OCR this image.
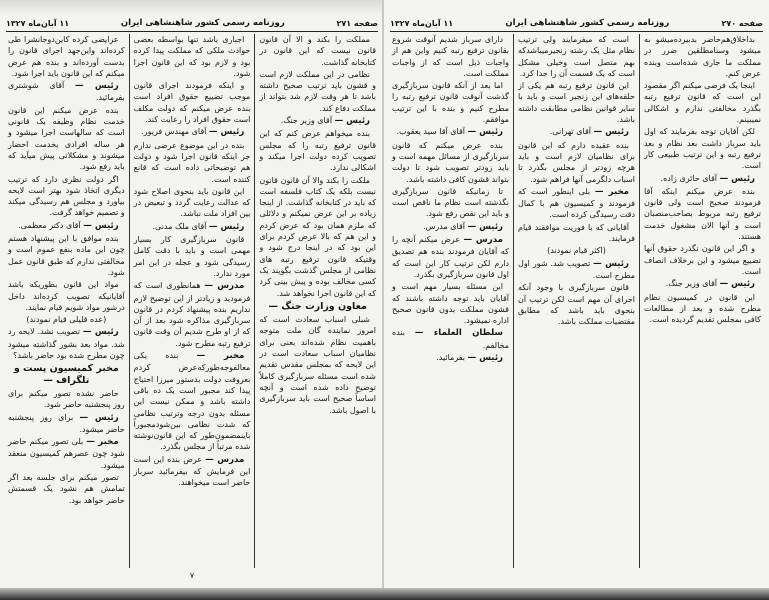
صفحه ۲۷۱
روزنامه رسمی کشور شاهنشاهی ایران
۱۱ آبان‌ماه ۱۳۲۷

عرایضی کرده کاین‌دوجانشرا طی کرده‌اند واین‌جهد اجرای قانون را بدست آورده‌اند و بنده هم عرض میکنم که این قانون باید اجرا شود.

رئیس — آقای شوشتری بفرمائید.

بنده عرض میکنم این قانون خدمت نظام وظیفه یک قانونی است که سالهاست اجرا میشود و هر ساله افرادی بخدمت احضار میشوند و مشکلاتی پیش میآید که باید رفع شود.

اگر دولت نظری دارد که ترتیب دیگری اتخاذ شود بهتر است لایحه بیاورد و مجلس هم رسیدگی میکند و تصمیم خواهد گرفت.

رئیس — آقای دکتر معظمی.

بنده موافق با این پیشنهاد هستم چون این ماده بنفع عموم است و مخالفتی ندارم که طبق قانون عمل شود.

مواد این قانون بطوریکه باشد آقایانیکه تصویب کرده‌اند داخل درشور مواد شویم قیام نمایند.

(عده قلیلی قیام نمودند)

رئیس — تصویب نشد. لایحه رد شد. مواد بعد بشور گذاشته میشود چون مطرح شده بود حاضر باشد؟

مخبر کمیسیون پست و تلگراف —

حاضر نشده تصور میکنم برای روز پنجشنبه حاضر شود.

رئیس — برای روز پنجشنبه حاضر میشود.

مخبر — بلی تصور میکنم حاضر شود چون عصرهم کمیسیون منعقد میشود.

تصور میکنم برای جلسه بعد اگر تمامش هم نشود یک قسمتش حاضر خواهد بود.

اجباری باشد تنها بواسطه بعضی حوادث ملکی که مملکت پیدا کرده بود و لازم بود که این قانون اجرا شود.

و اینکه فرمودند اجرای قانون موجب تضییع حقوق افراد است بنده عرض میکنم که دولت مکلف است حقوق افراد را رعایت کند.

رئیس — آقای مهندس فریور.

بنده در این موضوع عرضی ندارم جز اینکه قانون اجرا شود و دولت هم توضیحاتی داده است که قانع کننده است.

این قانون باید بنحوی اصلاح شود که عدالت رعایت گردد و تبعیض در بین افراد ملت نباشد.

رئیس — آقای ملک مدنی.

قانون سربازگیری کار بسیار مهمی است و باید با دقت کامل رسیدگی شود و عجله در این امر مورد ندارد.

مدرس — همانطوری است که فرمودید و زیادتر از این توضیح لازم نداریم بنده پیشنهاد کردم در قانون سربازگیری مذاکره شود بعد از آن که از او طرح شدیم آن وقت قانون ترفیع رتبه مطرح شود.

مخبر — بنده یکی معالفوجه‌طورکه‌عرض کردم بعروفت دولت بدستور میرزا احتیاج پیدا کند مجبور است یک ده باقی داشته باشد و ممکن نیست این مسئله بدون درجه وترتیب نظامی که شدت نظامی بین‌شودمجبوراً باینمضمون‌طور که این قانون‌نوشته شده مرتباً از مجلس بگذرد.

مدرس — عرض بنده این است این فرمایش که بیفرمائید سرباز حاضر است میخواهند.

مملکت را بکند و الا آن قانون قانون نیست که این قانون در کتابخانه گذاشت.

نظامی در این مملکت لازم است و قشون باید ترتیب صحیح داشته باشد تا هر وقت لازم شد بتواند از مملکت دفاع کند.

رئیس — آقای وزیر جنگ.

بنده میخواهم عرض کنم که این قانون ترفیع رتبه را که مجلس تصویب کرده دولت اجرا میکند و اشکالی ندارد.

ملکت را بکند والا آن قانون قانون نیست بلکه یک کتاب فلسفه است که باید در کتابخانه گذاشت. از اینجا زیاده بر این عرض نمیکنم و دلائلی که ملزم همان بود که عرض کردم و این هم که بالا عرض کردم برای این بود که در اینجا درج شود و وقتیکه قانون ترفیع رتبه های نظامی از مجلس گذشت بگویند یک کسی مخالف بوده و پیش بینی کرد که این قانون اجرا نخواهد شد.

معاون وزارت جنگ —

شبلی اسباب سعادت است که امروز نماینده گان ملت متوجه باهمیت نظام شده‌اند بعنی برای نظامیان اسباب سعادت است در این لایحه که بمجلس مقدس تقدیم شده است مسئله سربازگیری کاملاً توضیح داده شده است و آنچه اساساً صحیح است باید سربازگیری با اصول باشد.

۷
صفحه ۲۷۰
روزنامه رسمی کشور شاهنشاهی ایران
۱۱ آبان‌ماه ۱۳۲۷

دارای سرباز شدیم آنوقت شروع بقانون ترفیع رتبه کنیم واین هم از واجبات ذیل است که از واجبات مملکت است.

اما بعد از آنکه قانون سربازگیری گذشت آنوقت قانون ترفیع رتبه را مطرح کنیم و بنده با این ترتیب موافقم.

رئیس — آقای آقا سید یعقوب.

بنده عرض میکنم که قانون سربازگیری از مسائل مهمه است و باید زودتر تصویب شود تا دولت بتواند قشون کافی داشته باشد.

تا زمانیکه قانون سربازگیری نگذشته است نظام ما ناقص است و باید این نقص رفع شود.

رئیس — آقای مدرس.

مدرس — عرض میکنم آنچه را که آقایان فرمودند بنده هم تصدیق دارم لکن ترتیب کار این است که اول قانون سربازگیری بگذرد.

این مسئله بسیار مهم است و آقایان باید توجه داشته باشند که قشون مملکت بدون قانون صحیح اداره نمیشود.

سلطان العلماء — بنده مخالفم.

رئیس — بفرمائید.

است که میفرمایند ولی ترتیب نظام مثل یک رشته زنجیرمیباشدکه بهم متصل است وخیلی مشکل است که یک قسمت آن را جدا کرد.

این قانون ترفیع رتبه هم یکی از حلقه‌های این زنجیر است و باید با سایر قوانین نظامی مطابقت داشته باشد.

رئیس — آقای تهرانی.

بنده عقیده دارم که این قانون برای نظامیان لازم است و باید هرچه زودتر از مجلس بگذرد تا اسباب دلگرمی آنها فراهم شود.

مخبر — بلی اینطور است که فرمودند و کمیسیون هم با کمال دقت رسیدگی کرده است.

آقایانی که با فوریت موافقند قیام فرمایند.

(اکثر قیام نمودند)

رئیس — تصویب شد. شور اول مطرح است.

قانون سربازگیری با وجود آنکه اجرای آن مهم است لکن ترتیب آن بنحوی باید باشد که مطابق مقتضیات مملکت باشد.

بداخلاق‌هم‌حاضر بدبیرده‌میشو به میشود وسنامطلقین ضرر در مملکت ما جاری شده‌است وبنده عرض کنم.

اینجا یک فرضی میکنم اگر مقصود این است که قانون ترفیع رتبه بگذرد مخالفتی ندارم و اشکالی نمیبینم.

لکن آقایان توجه بفرمایند که اول باید سرباز داشت بعد نظام و بعد ترفیع رتبه و این ترتیب طبیعی کار است.

رئیس — آقای حائری زاده.

بنده عرض میکنم اینکه آقا فرمودند صحیح است ولی قانون ترفیع رتبه مربوط بصاحب‌منصبان است و آنها الان مشغول خدمت هستند.

و اگر این قانون نگذرد حقوق آنها تضییع میشود و این برخلاف انصاف است.

رئیس — آقای وزیر جنگ.

این قانون در کمیسیون نظام مطرح شده و بعد از مطالعات کافی بمجلس تقدیم گردیده است.
